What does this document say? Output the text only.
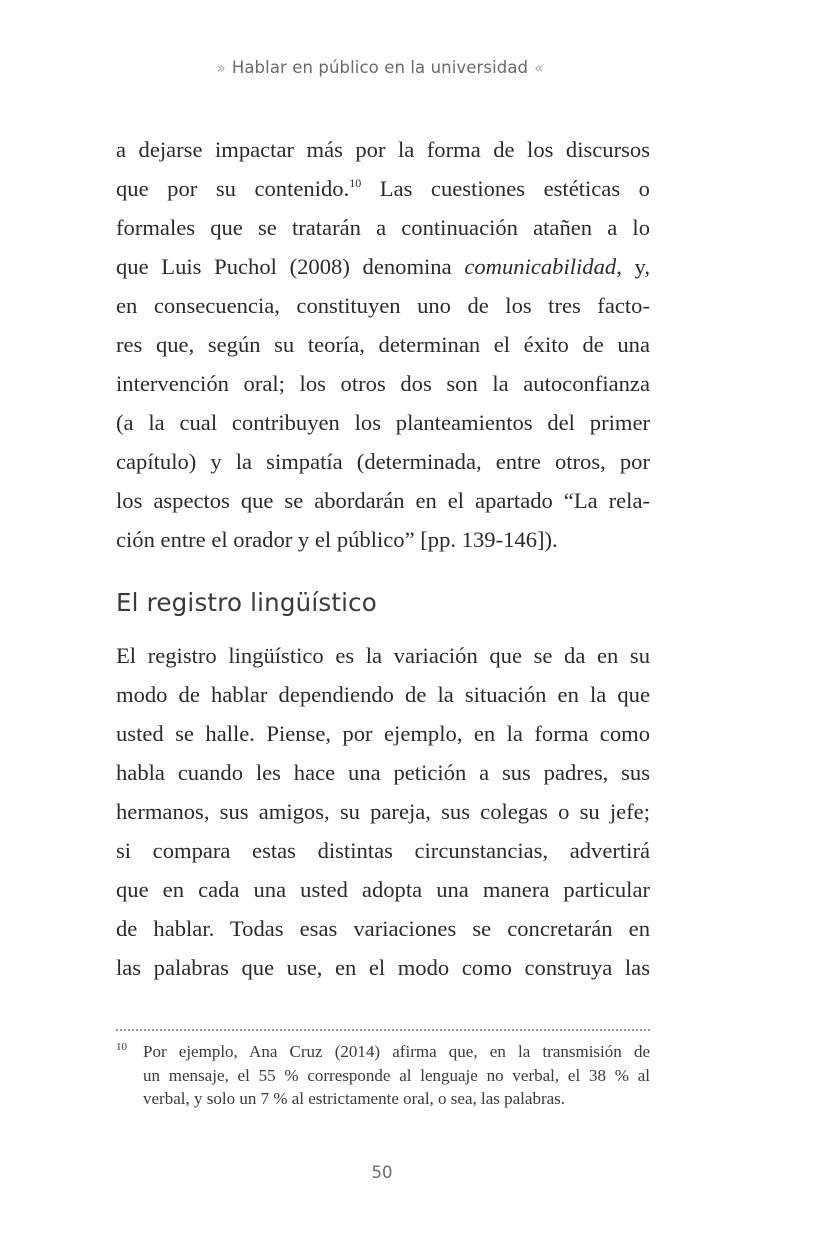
» Hablar en público en la universidad «
a dejarse impactar más por la forma de los discursos
que por su contenido.$^{10}$ Las cuestiones estéticas o
formales que se tratarán a continuación atañen a lo
que Luis Puchol (2008) denomina comunicabilidad, y,
en consecuencia, constituyen uno de los tres facto-
res que, según su teoría, determinan el éxito de una
intervención oral; los otros dos son la autoconfianza
(a la cual contribuyen los planteamientos del primer
capítulo) y la simpatía (determinada, entre otros, por
los aspectos que se abordarán en el apartado “La rela-
ción entre el orador y el público” [pp. 139-146]).
El registro lingüístico
El registro lingüístico es la variación que se da en su
modo de hablar dependiendo de la situación en la que
usted se halle. Piense, por ejemplo, en la forma como
habla cuando les hace una petición a sus padres, sus
hermanos, sus amigos, su pareja, sus colegas o su jefe;
si compara estas distintas circunstancias, advertirá
que en cada una usted adopta una manera particular
de hablar. Todas esas variaciones se concretarán en
las palabras que use, en el modo como construya las
10 Por ejemplo, Ana Cruz (2014) afirma que, en la transmisión de
un mensaje, el 55 % corresponde al lenguaje no verbal, el 38 % al
verbal, y solo un 7 % al estrictamente oral, o sea, las palabras.
50
